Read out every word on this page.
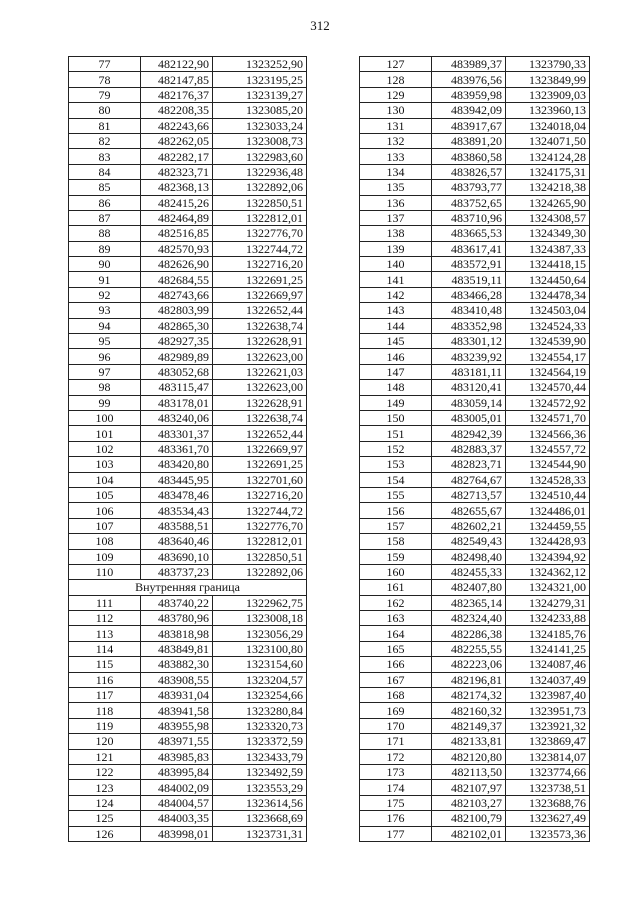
312
77	482122,90	1323252,90
78	482147,85	1323195,25
79	482176,37	1323139,27
80	482208,35	1323085,20
81	482243,66	1323033,24
82	482262,05	1323008,73
83	482282,17	1322983,60
84	482323,71	1322936,48
85	482368,13	1322892,06
86	482415,26	1322850,51
87	482464,89	1322812,01
88	482516,85	1322776,70
89	482570,93	1322744,72
90	482626,90	1322716,20
91	482684,55	1322691,25
92	482743,66	1322669,97
93	482803,99	1322652,44
94	482865,30	1322638,74
95	482927,35	1322628,91
96	482989,89	1322623,00
97	483052,68	1322621,03
98	483115,47	1322623,00
99	483178,01	1322628,91
100	483240,06	1322638,74
101	483301,37	1322652,44
102	483361,70	1322669,97
103	483420,80	1322691,25
104	483445,95	1322701,60
105	483478,46	1322716,20
106	483534,43	1322744,72
107	483588,51	1322776,70
108	483640,46	1322812,01
109	483690,10	1322850,51
110	483737,23	1322892,06
Внутренняя граница		
111	483740,22	1322962,75
112	483780,96	1323008,18
113	483818,98	1323056,29
114	483849,81	1323100,80
115	483882,30	1323154,60
116	483908,55	1323204,57
117	483931,04	1323254,66
118	483941,58	1323280,84
119	483955,98	1323320,73
120	483971,55	1323372,59
121	483985,83	1323433,79
122	483995,84	1323492,59
123	484002,09	1323553,29
124	484004,57	1323614,56
125	484003,35	1323668,69
126	483998,01	1323731,31
127	483989,37	1323790,33
128	483976,56	1323849,99
129	483959,98	1323909,03
130	483942,09	1323960,13
131	483917,67	1324018,04
132	483891,20	1324071,50
133	483860,58	1324124,28
134	483826,57	1324175,31
135	483793,77	1324218,38
136	483752,65	1324265,90
137	483710,96	1324308,57
138	483665,53	1324349,30
139	483617,41	1324387,33
140	483572,91	1324418,15
141	483519,11	1324450,64
142	483466,28	1324478,34
143	483410,48	1324503,04
144	483352,98	1324524,33
145	483301,12	1324539,90
146	483239,92	1324554,17
147	483181,11	1324564,19
148	483120,41	1324570,44
149	483059,14	1324572,92
150	483005,01	1324571,70
151	482942,39	1324566,36
152	482883,37	1324557,72
153	482823,71	1324544,90
154	482764,67	1324528,33
155	482713,57	1324510,44
156	482655,67	1324486,01
157	482602,21	1324459,55
158	482549,43	1324428,93
159	482498,40	1324394,92
160	482455,33	1324362,12
161	482407,80	1324321,00
162	482365,14	1324279,31
163	482324,40	1324233,88
164	482286,38	1324185,76
165	482255,55	1324141,25
166	482223,06	1324087,46
167	482196,81	1324037,49
168	482174,32	1323987,40
169	482160,32	1323951,73
170	482149,37	1323921,32
171	482133,81	1323869,47
172	482120,80	1323814,07
173	482113,50	1323774,66
174	482107,97	1323738,51
175	482103,27	1323688,76
176	482100,79	1323627,49
177	482102,01	1323573,36
